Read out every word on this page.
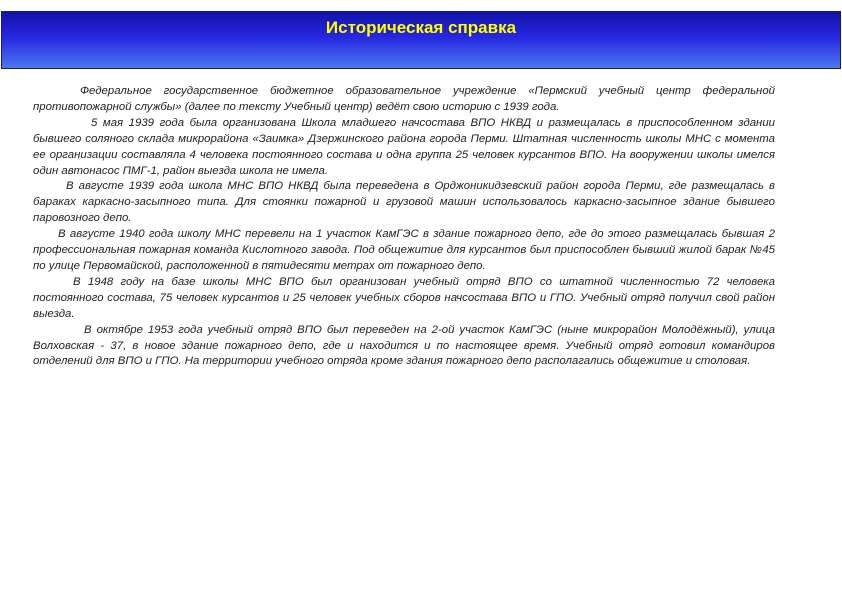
Историческая справка

Федеральное государственное бюджетное образовательное учреждение «Пермский учебный центр федеральной противопожарной службы» (далее по тексту Учебный центр) ведёт свою историю с 1939 года.

5 мая 1939 года была организована Школа младшего начсостава ВПО НКВД и размещалась в приспособленном здании бывшего соляного склада микрорайона «Заимка» Дзержинского района города Перми. Штатная численность школы МНС с момента ее организации составляла 4 человека постоянного состава и одна группа 25 человек курсантов ВПО. На вооружении школы имелся один автонасос ПМГ-1, район выезда школа не имела.

В августе 1939 года школа МНС ВПО НКВД была переведена в Орджоникидзевский район города Перми, где размещалась в бараках каркасно-засыпного типа. Для стоянки пожарной и грузовой машин использовалось каркасно-засыпное здание бывшего паровозного депо.

В августе 1940 года школу МНС перевели на 1 участок КамГЭС в здание пожарного депо, где до этого размещалась бывшая 2 профессиональная пожарная команда Кислотного завода. Под общежитие для курсантов был приспособлен бывший жилой барак №45 по улице Первомайской, расположенной в пятидесяти метрах от пожарного депо.

В 1948 году на базе школы МНС ВПО был организован учебный отряд ВПО со штатной численностью 72 человека постоянного состава, 75 человек курсантов и 25 человек учебных сборов начсостава ВПО и ГПО. Учебный отряд получил свой район выезда.

В октябре 1953 года учебный отряд ВПО был переведен на 2-ой участок КамГЭС (ныне микрорайон Молодёжный), улица Волховская - 37, в новое здание пожарного депо, где и находится и по настоящее время. Учебный отряд готовил командиров отделений для ВПО и ГПО. На территории учебного отряда кроме здания пожарного депо располагались общежитие и столовая.
